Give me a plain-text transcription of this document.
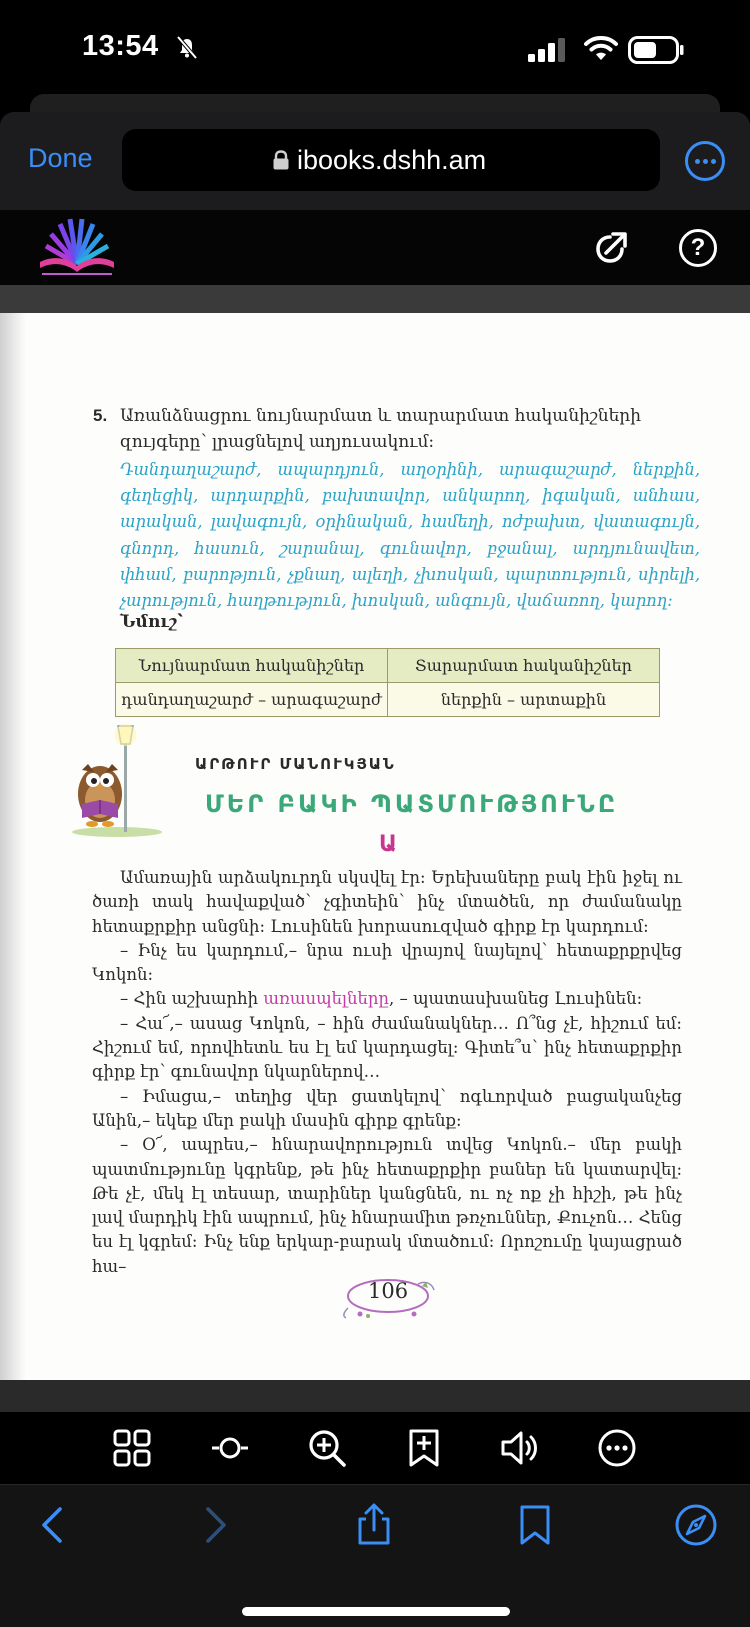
13:54
Done	ibooks.dshh.am
?
5. Առանձնացրու նույնարմատ և տարարմատ հականիշների զույգերը՝ լրացնելով աղյուսակում:
Դանդաղաշարժ, ապարդյուն, աղօրինի, արագաշարժ, ներքին, գեղեցիկ, արդարքին, բախտավոր, անկարող, իգական, անհաս, արական, լավագույն, օրինական, համեղի, ոժբախտ, վատագույն, գնորդ, հասուն, շարանալ, գունավոր, բջանալ, արդյունավետ, փհամ, բարոթյուն, չքնաղ, ալեղի, չխոսկան, պարտություն, սիրելի, չարություն, հաղթություն, խոսկան, անգույն, վաճառող, կարող:
Նմուշ՝
Նույնարմատ հականիշներ	Տարարմատ հականիշներ
դանդաղաշարժ – արագաշարժ	ներքին – արտաքին
ԱՐԹՈՒՐ ՄԱՆՈՒԿՅԱՆ
ՄԵՐ ԲԱԿԻ ՊԱՏՄՈՒԹՅՈՒՆԸ
Ա

Ամառային արձակուրդն սկսվել էր: Երեխաները բակ էին իջել ու ծառի տակ հավաքված՝ չգիտեին՝ ինչ մտածեն, որ ժամանակը հետաքրքիր անցնի: Լուսինեն խորասուզված գիրք էր կարդում:

– Ինչ ես կարդում,– նրա ուսի վրայով նայելով՝ հետաքրքրվեց Կոկոն:

– Հին աշխարհի առասպելները, – պատասխանեց Լուսինեն:

– Հա՜,– ասաց Կոկոն, – հին ժամանակներ… Ո՞նց չէ, հիշում եմ: Հիշում եմ, որովհետև ես էլ եմ կարդացել: Գիտե՞ս՝ ինչ հետաքրքիր գիրք էր՝ գունավոր նկարներով…

– Իմացա,– տեղից վեր ցատկելով՝ ոգևորված բացականչեց Անին,– եկեք մեր բակի մասին գիրք գրենք:

– Օ՜, ապրես,– հնարավորություն տվեց Կոկոն.– մեր բակի պատմությունը կգրենք, թե ինչ հետաքրքիր բաներ են կատարվել: Թե չէ, մեկ էլ տեսար, տարիներ կանցնեն, ու ոչ ոք չի հիշի, թե ինչ լավ մարդիկ էին ապրում, ինչ հնարամիտ թռչուններ, Քուչոն… Հենց ես էլ կգրեմ: Ինչ ենք երկար-բարակ մտածում: Որոշումը կայացրած հա–

106
